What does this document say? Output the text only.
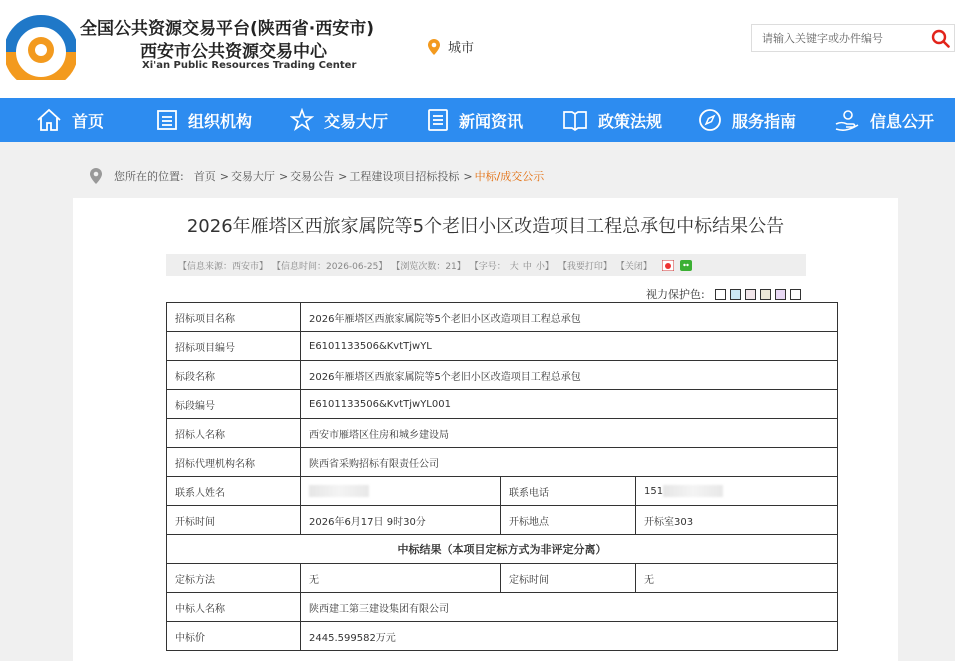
全国公共资源交易平台(陕西省·西安市)
西安市公共资源交易中心
Xi'an Public Resources Trading Center
城市
请输入关键字或办件编号
首页	组织机构	交易大厅	新闻资讯	政策法规	服务指南	信息公开
您所在的位置: 首页 > 交易大厅 > 交易公告 > 工程建设项目招标投标 > 中标/成交公示
2026年雁塔区西旅家属院等5个老旧小区改造项目工程总承包中标结果公告
【信息来源：西安市】 【信息时间：2026-06-25】 【浏览次数：21】 【字号： 大 中 小】 【我要打印】 【关闭】
视力保护色:
招标项目名称	2026年雁塔区西旅家属院等5个老旧小区改造项目工程总承包		
招标项目编号	E6101133506&KvtTjwYL		
标段名称	2026年雁塔区西旅家属院等5个老旧小区改造项目工程总承包		
标段编号	E6101133506&KvtTjwYL001		
招标人名称	西安市雁塔区住房和城乡建设局		
招标代理机构名称	陕西省采购招标有限责任公司		
联系人姓名		联系电话	151
开标时间	2026年6月17日 9时30分	开标地点	开标室303
中标结果（本项目定标方式为非评定分离）			
定标方法	无	定标时间	无
中标人名称	陕西建工第三建设集团有限公司		
中标价	2445.599582万元		
